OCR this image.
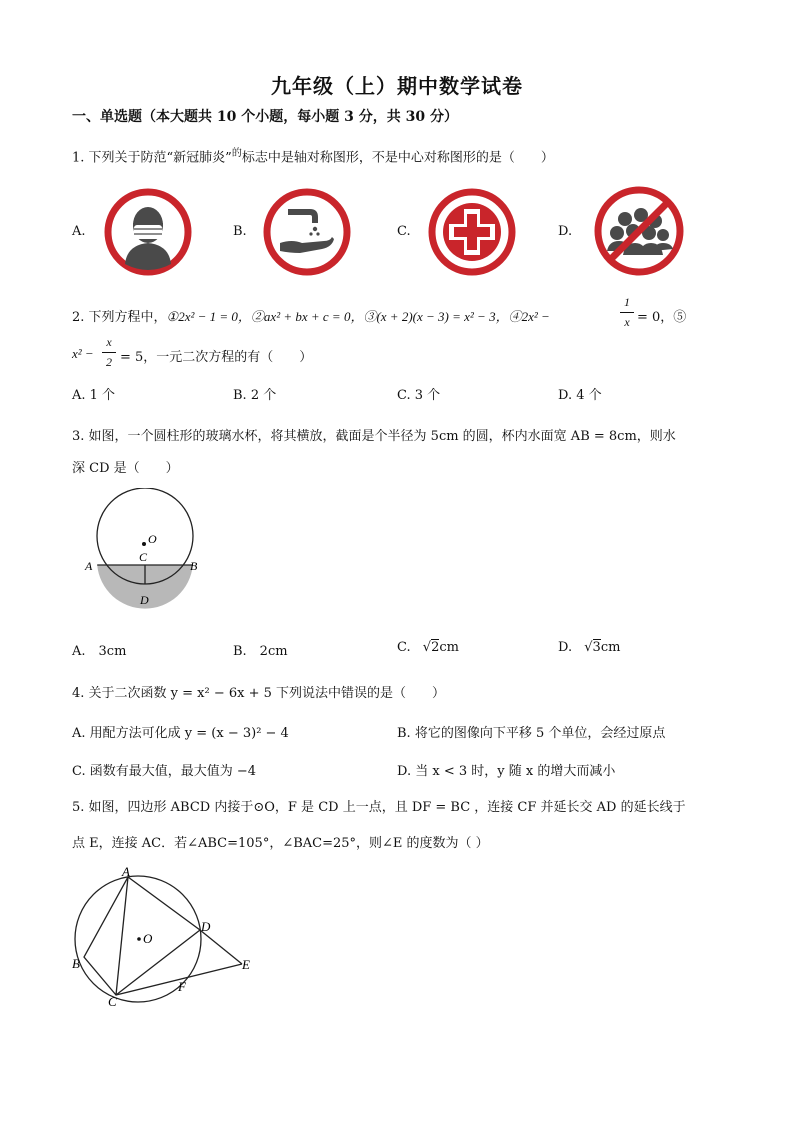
九年级（上）期中数学试卷
一、单选题（本大题共 10 个小题，每小题 3 分，共 30 分）
1. 下列关于防范“新冠肺炎”$^的$标志中是轴对称图形，不是中心对称图形的是（　　）
A.	B.	C.	D.
2. 下列方程中，①2x² − 1 = 0，②ax² + bx + c = 0，③(x + 2)(x − 3) = x² − 3，④2x² −
1
x = 0，⑤
x² −
x
2 = 5，一元二次方程的有（　　）
A. 1 个	B. 2 个	C. 3 个	D. 4 个
3. 如图，一个圆柱形的玻璃水杯，将其横放，截面是个半径为 5cm 的圆，杯内水面宽 AB = 8cm，则水
深 CD 是（　　）
O
C
A	B
D
A.　3cm	B.　2cm	C. √2cm	D. √3cm
4. 关于二次函数 y = x² − 6x + 5 下列说法中错误的是（　　）
A. 用配方法可化成 y = (x − 3)² − 4	B. 将它的图像向下平移 5 个单位，会经过原点
C. 函数有最大值，最大值为 −4	D. 当 x < 3 时，y 随 x 的增大而减小
5. 如图，四边形 ABCD 内接于⊙O，F 是 CD 上一点，且 DF = BC ，连接 CF 并延长交 AD 的延长线于
点 E，连接 AC．若∠ABC=105°，∠BAC=25°，则∠E 的度数为（ ）
O
A
B
C
D
E
F
